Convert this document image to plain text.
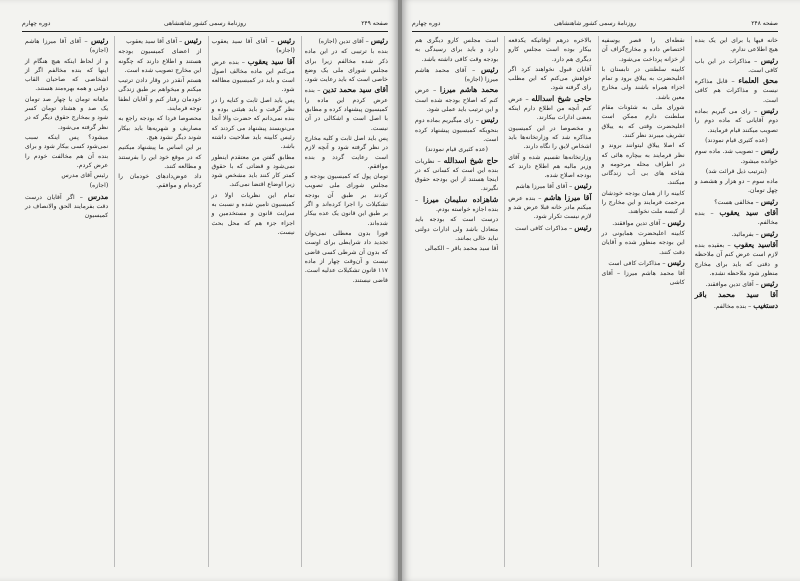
صفحه ۲۴۹
روزنامهٔ رسمی کشور شاهنشاهی
دوره چهارم

رئیس – آقای تدین (اجازه)

بنده با ترتیبی که در این ماده ذکر شده مخالفم زیرا برای مجلس شورای ملی یک وضع خاصی است که باید رعایت شود.

آقای سید محمد تدین – بنده عرض کردم این ماده را کمیسیون پیشنهاد کرده و مطابق با اصل است و اشکالی در آن نیست.

پس باید اصل ثابت و کلیه مخارج در نظر گرفته شود و آنچه لازم است رعایت گردد و بنده موافقم.

تومان پول که کمیسیون بودجه و مجلس شورای ملی تصویب کردند بر طبق آن بودجه تشکیلات را اجرا کرده‌اند و اگر بر طبق این قانون یک عده بیکار شده‌اند.

فورا بدون معطلی نمی‌توان تجدید داد شرایطی برای اوست که بدون آن شرطی کسی قاضی نیست و آن‌وقت چهار از ماده ۱۱۷ قانون تشکیلات عدلیه است.

قاضی نیستند.

رئیس – آقای آقا سید یعقوب (اجازه)

آقا سید یعقوب – بنده عرض می‌کنم این ماده مخالف اصول است و باید در کمیسیون مطالعه شود.

پس باید اصل ثابت و کنایه را در نظر گرفت و باید هیئتی بوده و بنده نمی‌دانم که حضرت والا آنجا می‌نویسند پیشنهاد می کردند که رئیس کابینه باید صلاحیت داشته باشد.

مطابق گفتن من معتقدم اینطور نمی‌شود و قضاتی که با حقوق کمتر کار کنند باید مشخص شود زیرا اوضاع اقتضا نمی‌کند.

تمام این نظریات اولا در کمیسیون تامین شده و نسبت به سرایت قانون و مستخدمین و اجزاء جزء هم که محل بحث نیست.

رئیس – آقای آقا سید یعقوب

از اعضای کمیسیون بودجه هستند و اطلاع دارند که چگونه این مخارج تصویب شده است.

هستم آنقدر در وقار دادن ترتیب میکنم و میخواهم بر طبق زندگی خودمان رفتار کنم و آقایان لطفا توجه فرمایند.

محصوصا فردا که بودجه راجع به مصاریف و شهریه‌ها باید بیکار شوند دیگر نشود هیچ.

بر این اساس ما پیشنهاد میکنیم که در موقع خود این را بفرستند و مطالعه کنند.

داد عوض‌دادهای خودمان را کرده‌ام و موافقم.

رئیس – آقای آقا میرزا هاشم (اجازه)

و از لحاظ اینکه هیچ هنگام از اینها که بنده مخالفم اگر از اشخاصی که صاحبان القاب دولتی و همه بهره‌مند هستند.

ماهانه تومان یا چهار صد تومان یک صد و هشتاد تومان کسر شود و بمخارج حقوق دیگر که در نظر گرفته می‌شود.

میشود؟ پس اینکه سبب نمی‌شود کسی بیکار شود و برای بنده آن هم مخالفت خودم را عرض کردم.

رئیس آقای مدرس

(اجازه)

مدرس – اگر آقایان درست دقت بفرمایند الحق والانصاف در کمیسیون

صفحه ۲۴۸
روزنامهٔ رسمی کشور شاهنشاهی
دوره چهارم

خانه فیها یا برای این یک بنده هیچ اطلاعی ندارم.

رئیس – مذاکرات در این باب کافی است.

محق العلماء – قابل مذاکره نیست و مذاکرات هم کافی است.

رئیس – رای می گیریم بماده دوم آقایانی که ماده دوم را تصویب میکنند قیام فرمایند.

(عده کثیری قیام نمودند)

رئیس – تصویب شد. ماده سوم خوانده میشود.

(بترتیب ذیل قرائت شد)

ماده سوم – دو هزار و هشصد و چهل تومان.

رئیس – مخالفی هست؟

آقای سید یعقوب – بنده مخالفم.

رئیس – بفرمائید.

آقاسید یعقوب – بعقیده بنده لازم است عرض کنم آن ملاحظه و دقتی که باید برای مخارج منظور شود ملاحظه نشده.

رئیس – آقای تدین موافقند.

آقا سید محمد باقر دستغیب – بنده مخالفم.

نقطه‌ای را قصر یوسفیه اختصاص داده و مخارج‌گزاف آن از خزانه پرداخت می‌شود.

کابینه سلطنتی در تابستان با اعلیحضرت به ییلاق برود و تمام اجزاء همراه باشند ولی مخارج معین باشد.

شورای ملی به شئونات مقام سلطنت دارم ممکن است اعلیحضرت وقتی که به ییلاق تشریف میبرند نظر کنند.

که اصلا ییلاق لیتوانند بروند و نظر فرمایند به بیچاره هائی که در اطراف محله مرحومه و شاخه های بی آب زندگانی میکنند.

کابینه را از همان بودجه خودشان مرحمت فرمایند و این مخارج را از کیسه ملت نخواهند.

رئیس – آقای تدین موافقند.

کابینه اعلیحضرت همایونی در این بودجه منظور شده و آقایان دقت کنند.

رئیس – مذاکرات کافی است

آقا محمد هاشم میرزا – آقای کاشی

بالاخره درهم اوقاتیکه یکدفعه بیکار بوده است مجلس کارو دیگری هم دارد.

آقایان قبول نخواهند کرد اگر خواهش می‌کنم که این مطلب رای گرفته شود.

حاجی شیخ اسدالله – عرض کنم آنچه من اطلاع دارم اینکه بعضی ادارات بیکارند.

و مخصوصا در این کمیسیون مذاکره شد که وزارتخانه‌ها باید اشخاص لایق را نگاه دارند.

وزارتخانه‌ها تقسیم شده و آقای وزیر مالیه هم اطلاع دارند که بودجه اصلاح شده.

رئیس – آقای آقا میرزا هاشم

آقا میرزا هاشم – بنده عرض میکنم مادر خانه قبلا عرض شد و لازم نیست تکرار شود.

رئیس – مذاکرات کافی است

است مجلس کارو دیگری هم دارد و باید برای رسیدگی به بودجه وقت کافی داشته باشد.

رئیس – آقای محمد هاشم میرزا (اجازه)

محمد هاشم میرزا – عرض کنم که اصلاح بودجه شده است و این ترتیب باید عملی شود.

رئیس – رای میگیریم بماده دوم بنحویکه کمیسیون پیشنهاد کرده است.

(عده کثیری قیام نمودند)

حاج شیخ اسدالله – نظریات بنده این است که کسانی که در اینجا هستند از این بودجه حقوق نگیرند.

شاهزاده سلیمان میرزا – بنده اجازه خواسته بودم.

درست است که بودجه باید متعادل باشد ولی ادارات دولتی نباید خالی بمانند.

آقا سید محمد باقر – الکمالی
